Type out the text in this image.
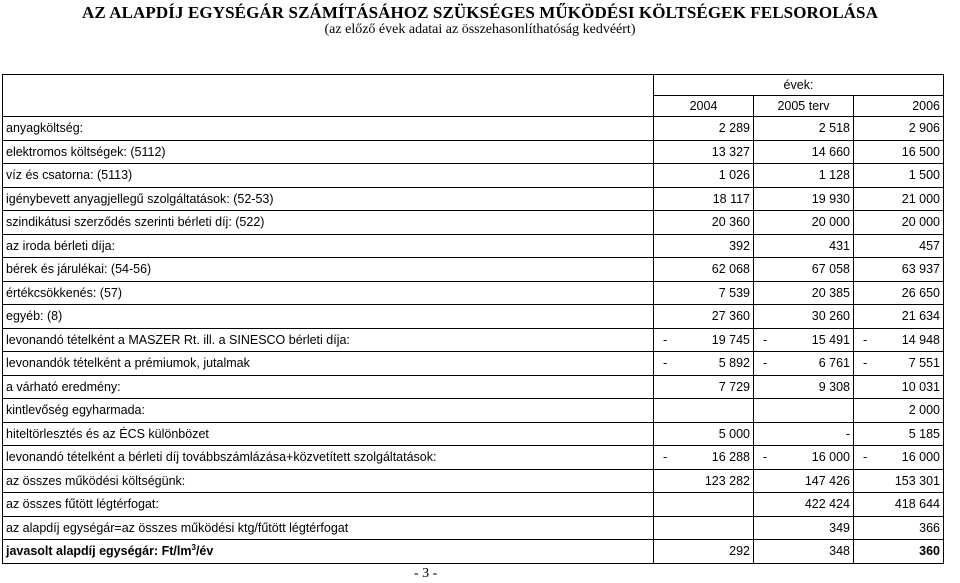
AZ ALAPDÍJ EGYSÉGÁR SZÁMÍTÁSÁHOZ SZÜKSÉGES MŰKÖDÉSI KÖLTSÉGEK FELSOROLÁSA
(az előző évek adatai az összehasonlíthatóság kedvéért)
	évek:		
	2004	2005 terv	2006
anyagköltség:	2 289	2 518	2 906
elektromos költségek: (5112)	13 327	14 660	16 500
víz és csatorna: (5113)	1 026	1 128	1 500
igénybevett anyagjellegű szolgáltatások: (52-53)	18 117	19 930	21 000
szindikátusi szerződés szerinti bérleti díj: (522)	20 360	20 000	20 000
az iroda bérleti díja:	392	431	457
bérek és járulékai: (54-56)	62 068	67 058	63 937
értékcsökkenés: (57)	7 539	20 385	26 650
egyéb: (8)	27 360	30 260	21 634
levonandó tételként a MASZER Rt. ill. a SINESCO bérleti díja:	- 19 745	- 15 491	- 14 948
levonandók tételként a prémiumok, jutalmak	- 5 892	- 6 761	- 7 551
a várható eredmény:	7 729	9 308	10 031
kintlevőség egyharmada:			2 000
hiteltörlesztés és az ÉCS különbözet	5 000	-	5 185
levonandó tételként a bérleti díj továbbszámlázása+közvetített szolgáltatások:	- 16 288	- 16 000	- 16 000
az összes működési költségünk:	123 282	147 426	153 301
az összes fűtött légtérfogat:		422 424	418 644
az alapdíj egységár=az összes működési ktg/fűtött légtérfogat		349	366
javasolt alapdíj egységár: $Ft/lm^3/év$	292	348	360
- 3 -
